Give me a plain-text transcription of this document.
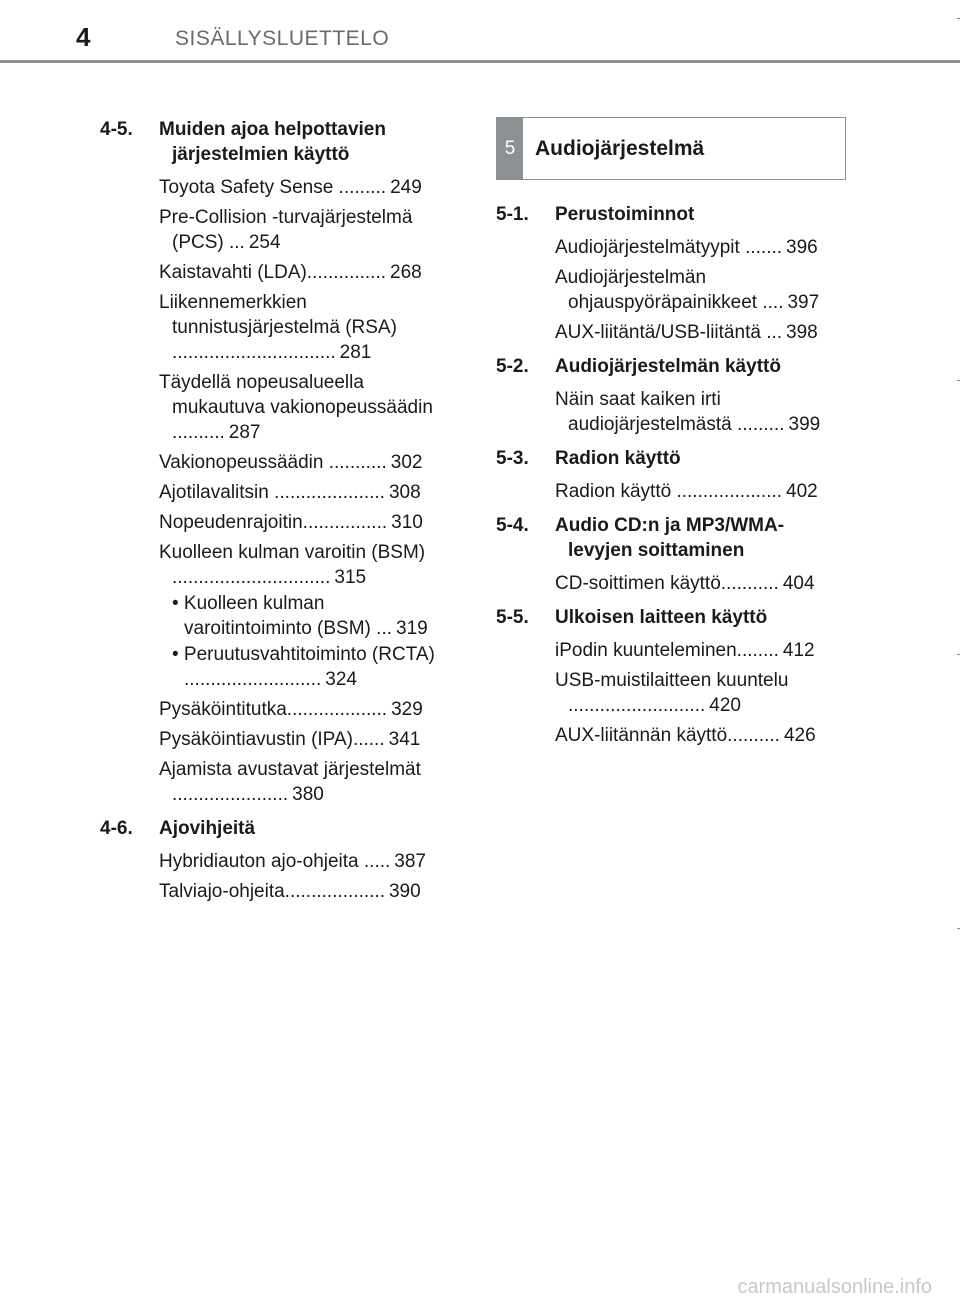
4	SISÄLLYSLUETTELO
4-5. Muiden ajoa helpottavien järjestelmien käyttö
Toyota Safety Sense ......... 249
Pre-Collision -turvajärjestelmä (PCS) ... 254
Kaistavahti (LDA)............... 268
Liikennemerkkien tunnistusjärjestelmä (RSA) ............................... 281
Täydellä nopeusalueella mukautuva vakionopeussäädin .......... 287
Vakionopeussäädin ........... 302
Ajotilavalitsin ..................... 308
Nopeudenrajoitin................ 310
Kuolleen kulman varoitin (BSM) .............................. 315
• Kuolleen kulman varoitintoiminto (BSM) ... 319
• Peruutusvahtitoiminto (RCTA) .......................... 324
Pysäköintitutka................... 329
Pysäköintiavustin (IPA)...... 341
Ajamista avustavat järjestelmät ...................... 380
4-6. Ajovihjeitä
Hybridiauton ajo-ohjeita ..... 387
Talviajo-ohjeita................... 390
5 Audiojärjestelmä
5-1. Perustoiminnot
Audiojärjestelmätyypit ....... 396
Audiojärjestelmän ohjauspyöräpainikkeet .... 397
AUX-liitäntä/USB-liitäntä ... 398
5-2. Audiojärjestelmän käyttö
Näin saat kaiken irti audiojärjestelmästä ......... 399
5-3. Radion käyttö
Radion käyttö .................... 402
5-4. Audio CD:n ja MP3/WMA-levyjen soittaminen
CD-soittimen käyttö........... 404
5-5. Ulkoisen laitteen käyttö
iPodin kuunteleminen........ 412
USB-muistilaitteen kuuntelu .......................... 420
AUX-liitännän käyttö.......... 426
carmanualsonline.info
